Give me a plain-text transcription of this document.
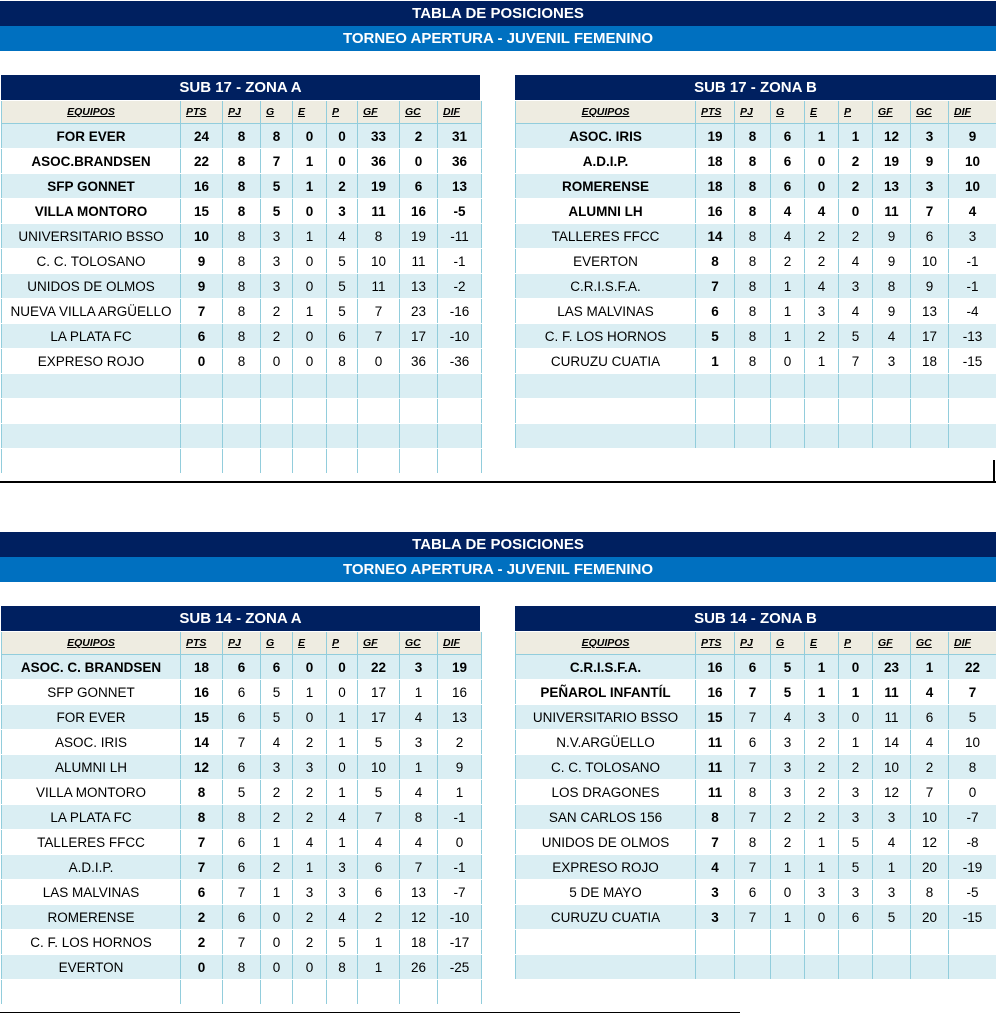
TABLA DE POSICIONES
TORNEO APERTURA - JUVENIL FEMENINO
SUB 17 - ZONA A
EQUIPOS	PTS	PJ	G	E	P	GF	GC	DIF
FOR EVER	24	8	8	0	0	33	2	31
ASOC.BRANDSEN	22	8	7	1	0	36	0	36
SFP GONNET	16	8	5	1	2	19	6	13
VILLA MONTORO	15	8	5	0	3	11	16	-5
UNIVERSITARIO BSSO	10	8	3	1	4	8	19	-11
C. C. TOLOSANO	9	8	3	0	5	10	11	-1
UNIDOS DE OLMOS	9	8	3	0	5	11	13	-2
NUEVA VILLA ARGÜELLO	7	8	2	1	5	7	23	-16
LA PLATA FC	6	8	2	0	6	7	17	-10
EXPRESO ROJO	0	8	0	0	8	0	36	-36

SUB 17 - ZONA B
EQUIPOS	PTS	PJ	G	E	P	GF	GC	DIF
ASOC. IRIS	19	8	6	1	1	12	3	9
A.D.I.P.	18	8	6	0	2	19	9	10
ROMERENSE	18	8	6	0	2	13	3	10
ALUMNI LH	16	8	4	4	0	11	7	4
TALLERES FFCC	14	8	4	2	2	9	6	3
EVERTON	8	8	2	2	4	9	10	-1
C.R.I.S.F.A.	7	8	1	4	3	8	9	-1
LAS MALVINAS	6	8	1	3	4	9	13	-4
C. F. LOS HORNOS	5	8	1	2	5	4	17	-13
CURUZU CUATIA	1	8	0	1	7	3	18	-15

TABLA DE POSICIONES
TORNEO APERTURA - JUVENIL FEMENINO
SUB 14 - ZONA A
EQUIPOS	PTS	PJ	G	E	P	GF	GC	DIF
ASOC. C. BRANDSEN	18	6	6	0	0	22	3	19
SFP GONNET	16	6	5	1	0	17	1	16
FOR EVER	15	6	5	0	1	17	4	13
ASOC. IRIS	14	7	4	2	1	5	3	2
ALUMNI LH	12	6	3	3	0	10	1	9
VILLA MONTORO	8	5	2	2	1	5	4	1
LA PLATA FC	8	8	2	2	4	7	8	-1
TALLERES FFCC	7	6	1	4	1	4	4	0
A.D.I.P.	7	6	2	1	3	6	7	-1
LAS MALVINAS	6	7	1	3	3	6	13	-7
ROMERENSE	2	6	0	2	4	2	12	-10
C. F. LOS HORNOS	2	7	0	2	5	1	18	-17
EVERTON	0	8	0	0	8	1	26	-25

SUB 14 - ZONA B
EQUIPOS	PTS	PJ	G	E	P	GF	GC	DIF
C.R.I.S.F.A.	16	6	5	1	0	23	1	22
PEÑAROL INFANTÍL	16	7	5	1	1	11	4	7
UNIVERSITARIO BSSO	15	7	4	3	0	11	6	5
N.V.ARGÜELLO	11	6	3	2	1	14	4	10
C. C. TOLOSANO	11	7	3	2	2	10	2	8
LOS DRAGONES	11	8	3	2	3	12	7	0
SAN CARLOS 156	8	7	2	2	3	3	10	-7
UNIDOS DE OLMOS	7	8	2	1	5	4	12	-8
EXPRESO ROJO	4	7	1	1	5	1	20	-19
5 DE MAYO	3	6	0	3	3	3	8	-5
CURUZU CUATIA	3	7	1	0	6	5	20	-15
